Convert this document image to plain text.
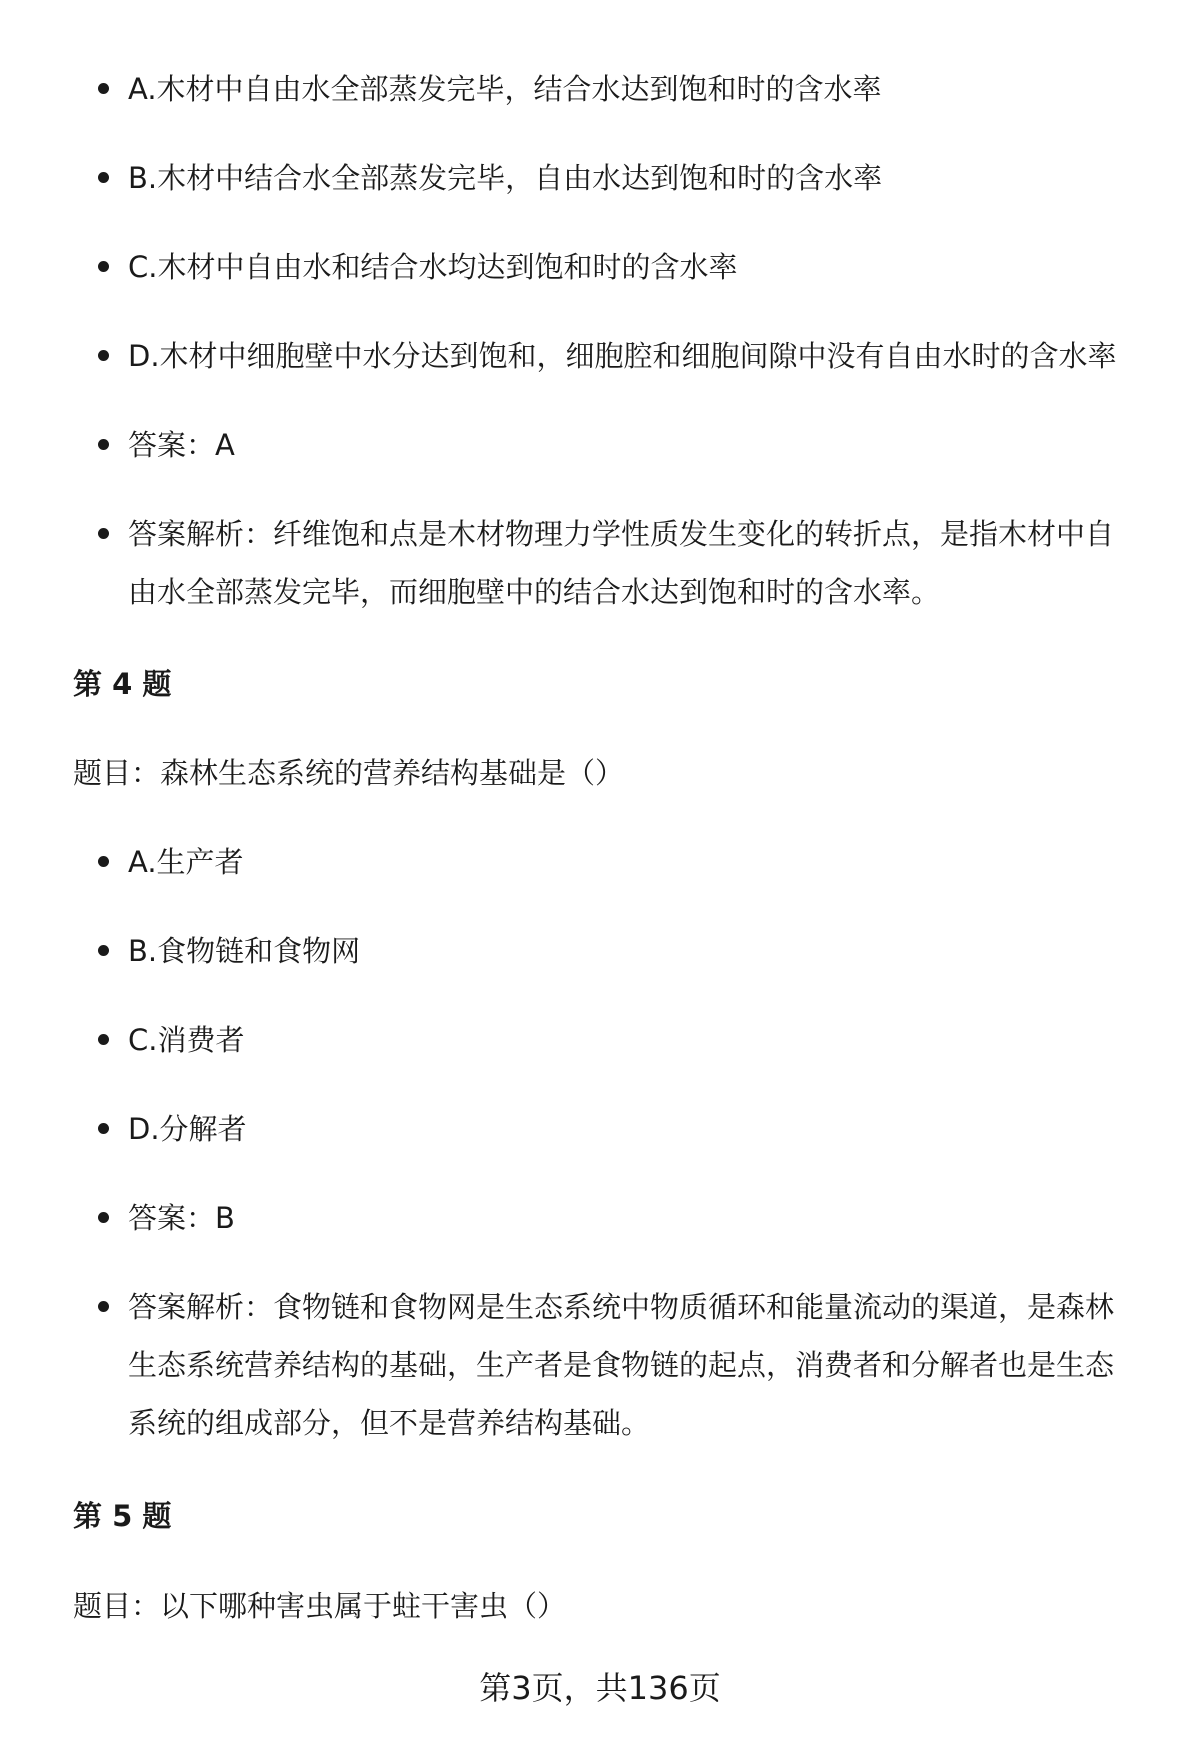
A.木材中自由水全部蒸发完毕，结合水达到饱和时的含水率
B.木材中结合水全部蒸发完毕，自由水达到饱和时的含水率
C.木材中自由水和结合水均达到饱和时的含水率
D.木材中细胞壁中水分达到饱和，细胞腔和细胞间隙中没有自由水时的含水率
答案：A
答案解析：纤维饱和点是木材物理力学性质发生变化的转折点，是指木材中自由水全部蒸发完毕，而细胞壁中的结合水达到饱和时的含水率。
第 4 题

题目：森林生态系统的营养结构基础是（）

A.生产者
B.食物链和食物网
C.消费者
D.分解者
答案：B
答案解析：食物链和食物网是生态系统中物质循环和能量流动的渠道，是森林生态系统营养结构的基础，生产者是食物链的起点，消费者和分解者也是生态系统的组成部分，但不是营养结构基础。
第 5 题

题目：以下哪种害虫属于蛀干害虫（）

第3页，共136页
